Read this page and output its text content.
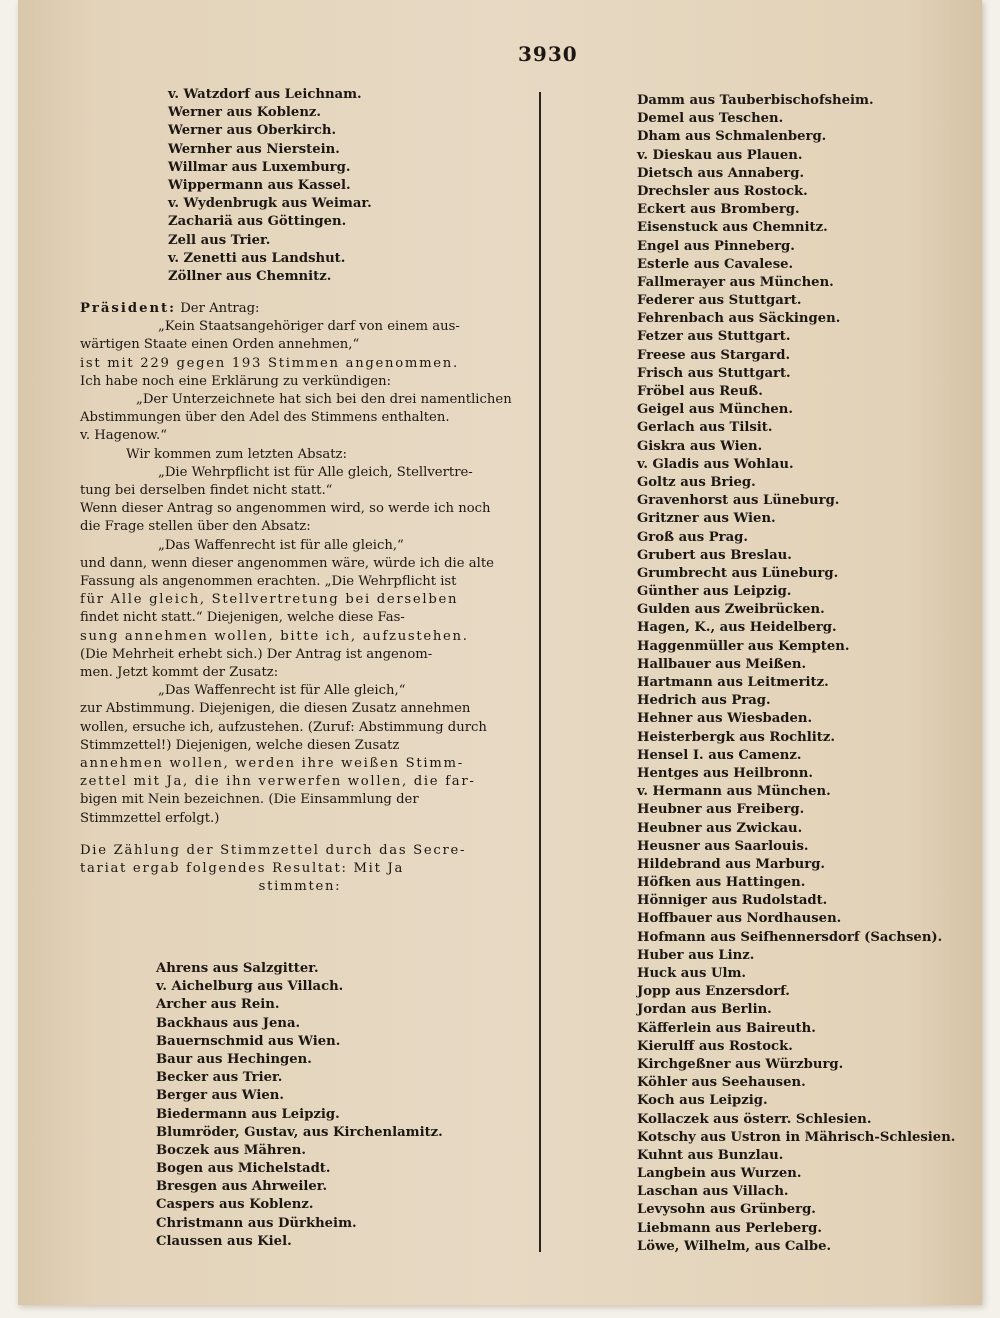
3930
v. Watzdorf aus Leichnam.
Werner aus Koblenz.
Werner aus Oberkirch.
Wernher aus Nierstein.
Willmar aus Luxemburg.
Wippermann aus Kassel.
v. Wydenbrugk aus Weimar.
Zachariä aus Göttingen.
Zell aus Trier.
v. Zenetti aus Landshut.
Zöllner aus Chemnitz.

Präsident: Der Antrag:

„Kein Staatsangehöriger darf von einem aus-

wärtigen Staate einen Orden annehmen,“

ist mit 229 gegen 193 Stimmen angenommen.

Ich habe noch eine Erklärung zu verkündigen:

„Der Unterzeichnete hat sich bei den drei namentlichen

Abstimmungen über den Adel des Stimmens enthalten.

v. Hagenow.“

Wir kommen zum letzten Absatz:

„Die Wehrpflicht ist für Alle gleich, Stellvertre-

tung bei derselben findet nicht statt.“

Wenn dieser Antrag so angenommen wird, so werde ich noch

die Frage stellen über den Absatz:

„Das Waffenrecht ist für alle gleich,“

und dann, wenn dieser angenommen wäre, würde ich die alte

Fassung als angenommen erachten. „Die Wehrpflicht ist

für Alle gleich, Stellvertretung bei derselben

findet nicht statt.“ Diejenigen, welche diese Fas-

sung annehmen wollen, bitte ich, aufzustehen.

(Die Mehrheit erhebt sich.) Der Antrag ist angenom-

men. Jetzt kommt der Zusatz:

„Das Waffenrecht ist für Alle gleich,“

zur Abstimmung. Diejenigen, die diesen Zusatz annehmen

wollen, ersuche ich, aufzustehen. (Zuruf: Abstimmung durch

Stimmzettel!) Diejenigen, welche diesen Zusatz

annehmen wollen, werden ihre weißen Stimm-

zettel mit Ja, die ihn verwerfen wollen, die far-

bigen mit Nein bezeichnen. (Die Einsammlung der

Stimmzettel erfolgt.)

Die Zählung der Stimmzettel durch das Secre-

tariat ergab folgendes Resultat: Mit Ja

stimmten:

Ahrens aus Salzgitter.
v. Aichelburg aus Villach.
Archer aus Rein.
Backhaus aus Jena.
Bauernschmid aus Wien.
Baur aus Hechingen.
Becker aus Trier.
Berger aus Wien.
Biedermann aus Leipzig.
Blumröder, Gustav, aus Kirchenlamitz.
Boczek aus Mähren.
Bogen aus Michelstadt.
Bresgen aus Ahrweiler.
Caspers aus Koblenz.
Christmann aus Dürkheim.
Claussen aus Kiel.
Damm aus Tauberbischofsheim.
Demel aus Teschen.
Dham aus Schmalenberg.
v. Dieskau aus Plauen.
Dietsch aus Annaberg.
Drechsler aus Rostock.
Eckert aus Bromberg.
Eisenstuck aus Chemnitz.
Engel aus Pinneberg.
Esterle aus Cavalese.
Fallmerayer aus München.
Federer aus Stuttgart.
Fehrenbach aus Säckingen.
Fetzer aus Stuttgart.
Freese aus Stargard.
Frisch aus Stuttgart.
Fröbel aus Reuß.
Geigel aus München.
Gerlach aus Tilsit.
Giskra aus Wien.
v. Gladis aus Wohlau.
Goltz aus Brieg.
Gravenhorst aus Lüneburg.
Gritzner aus Wien.
Groß aus Prag.
Grubert aus Breslau.
Grumbrecht aus Lüneburg.
Günther aus Leipzig.
Gulden aus Zweibrücken.
Hagen, K., aus Heidelberg.
Haggenmüller aus Kempten.
Hallbauer aus Meißen.
Hartmann aus Leitmeritz.
Hedrich aus Prag.
Hehner aus Wiesbaden.
Heisterbergk aus Rochlitz.
Hensel I. aus Camenz.
Hentges aus Heilbronn.
v. Hermann aus München.
Heubner aus Freiberg.
Heubner aus Zwickau.
Heusner aus Saarlouis.
Hildebrand aus Marburg.
Höfken aus Hattingen.
Hönniger aus Rudolstadt.
Hoffbauer aus Nordhausen.
Hofmann aus Seifhennersdorf (Sachsen).
Huber aus Linz.
Huck aus Ulm.
Jopp aus Enzersdorf.
Jordan aus Berlin.
Käfferlein aus Baireuth.
Kierulff aus Rostock.
Kirchgeßner aus Würzburg.
Köhler aus Seehausen.
Koch aus Leipzig.
Kollaczek aus österr. Schlesien.
Kotschy aus Ustron in Mährisch-Schlesien.
Kuhnt aus Bunzlau.
Langbein aus Wurzen.
Laschan aus Villach.
Levysohn aus Grünberg.
Liebmann aus Perleberg.
Löwe, Wilhelm, aus Calbe.
